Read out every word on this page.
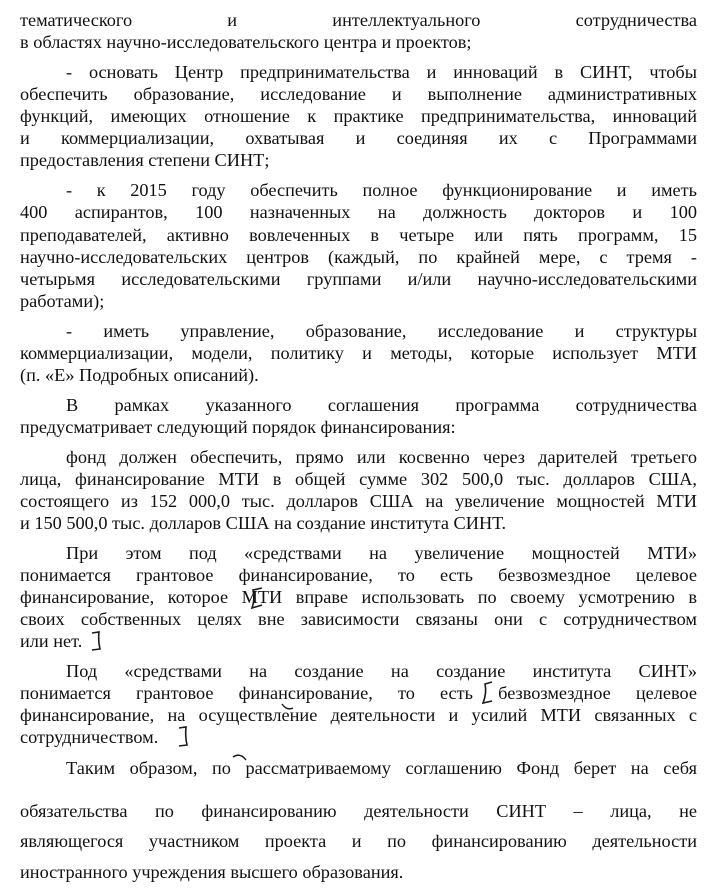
тематического и интеллектуального сотрудничества
в областях научно-исследовательского центра и проектов;
- основать Центр предпринимательства и инноваций в СИНТ, чтобы
обеспечить образование, исследование и выполнение административных
функций, имеющих отношение к практике предпринимательства, инноваций
и коммерциализации, охватывая и соединяя их с Программами
предоставления степени СИНТ;
- к 2015 году обеспечить полное функционирование и иметь
400 аспирантов, 100 назначенных на должность докторов и 100
преподавателей, активно вовлеченных в четыре или пять программ, 15
научно-исследовательских центров (каждый, по крайней мере, с тремя -
четырьмя исследовательскими группами и/или научно-исследовательскими
работами);
- иметь управление, образование, исследование и структуры
коммерциализации, модели, политику и методы, которые использует МТИ
(п. «Е» Подробных описаний).
В рамках указанного соглашения программа сотрудничества
предусматривает следующий порядок финансирования:
фонд должен обеспечить, прямо или косвенно через дарителей третьего
лица, финансирование МТИ в общей сумме 302 500,0 тыс. долларов США,
состоящего из 152 000,0 тыс. долларов США на увеличение мощностей МТИ
и 150 500,0 тыс. долларов США на создание института СИНТ.
При этом под «средствами на увеличение мощностей МТИ»
понимается грантовое финансирование, то есть безвозмездное целевое
финансирование, которое МТИ вправе использовать по своему усмотрению в
своих собственных целях вне зависимости связаны они с сотрудничеством
или нет.
Под «средствами на создание на создание института СИНТ»
понимается грантовое финансирование, то есть безвозмездное целевое
финансирование, на осуществление деятельности и усилий МТИ связанных с
сотрудничеством.
Таким образом, по рассматриваемому соглашению Фонд берет на себя
обязательства по финансированию деятельности СИНТ – лица, не
являющегося участником проекта и по финансированию деятельности
иностранного учреждения высшего образования.
